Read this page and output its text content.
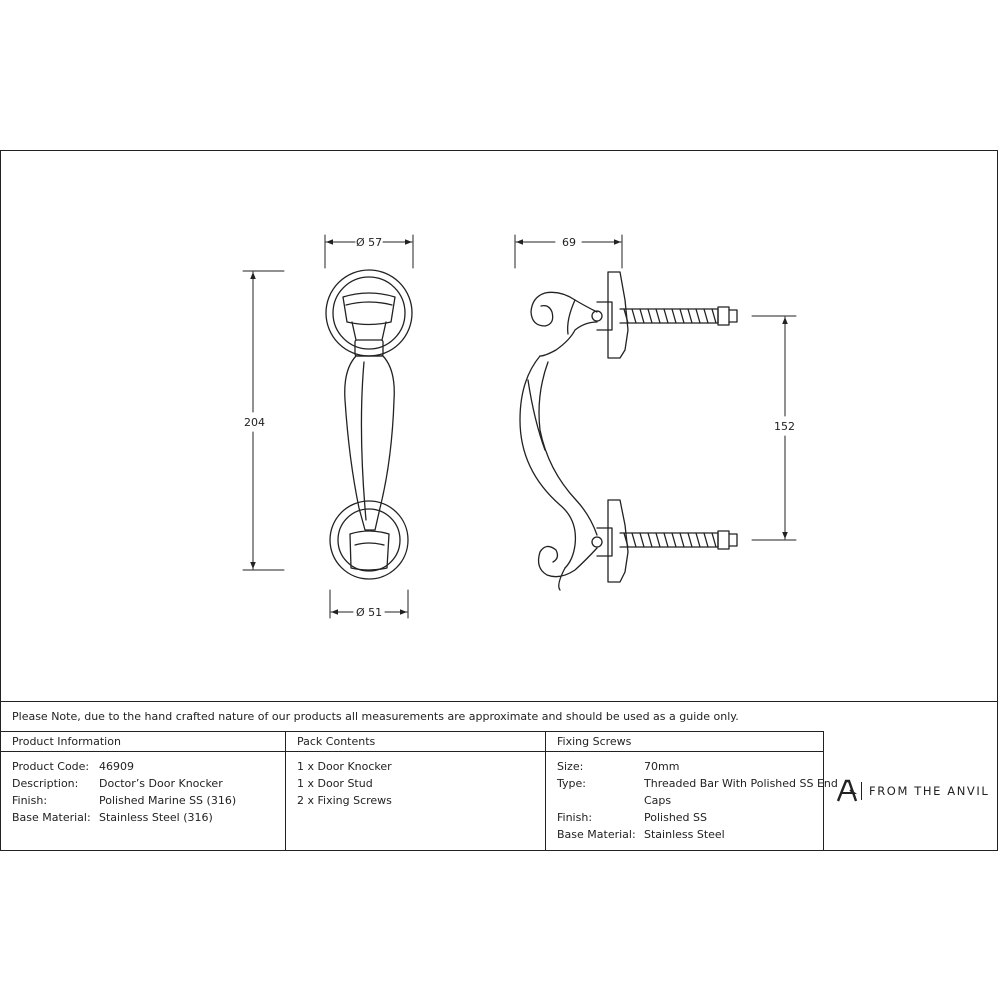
Ø 57
Ø 51
204
69
152
Please Note, due to the hand crafted nature of our products all measurements are approximate and should be used as a guide only.
Product Information	Pack Contents	Fixing Screws
Product Code: 46909
Description: Doctor’s Door Knocker
Finish:	Polished Marine SS (316)
Base Material: Stainless Steel (316)
1 x Door Knocker
1 x Door Stud
2 x Fixing Screws
Size:	70mm
Type:	Threaded Bar With Polished SS End
Caps
Finish:	Polished SS
Base Material: Stainless Steel
FROM THE ANVIL
